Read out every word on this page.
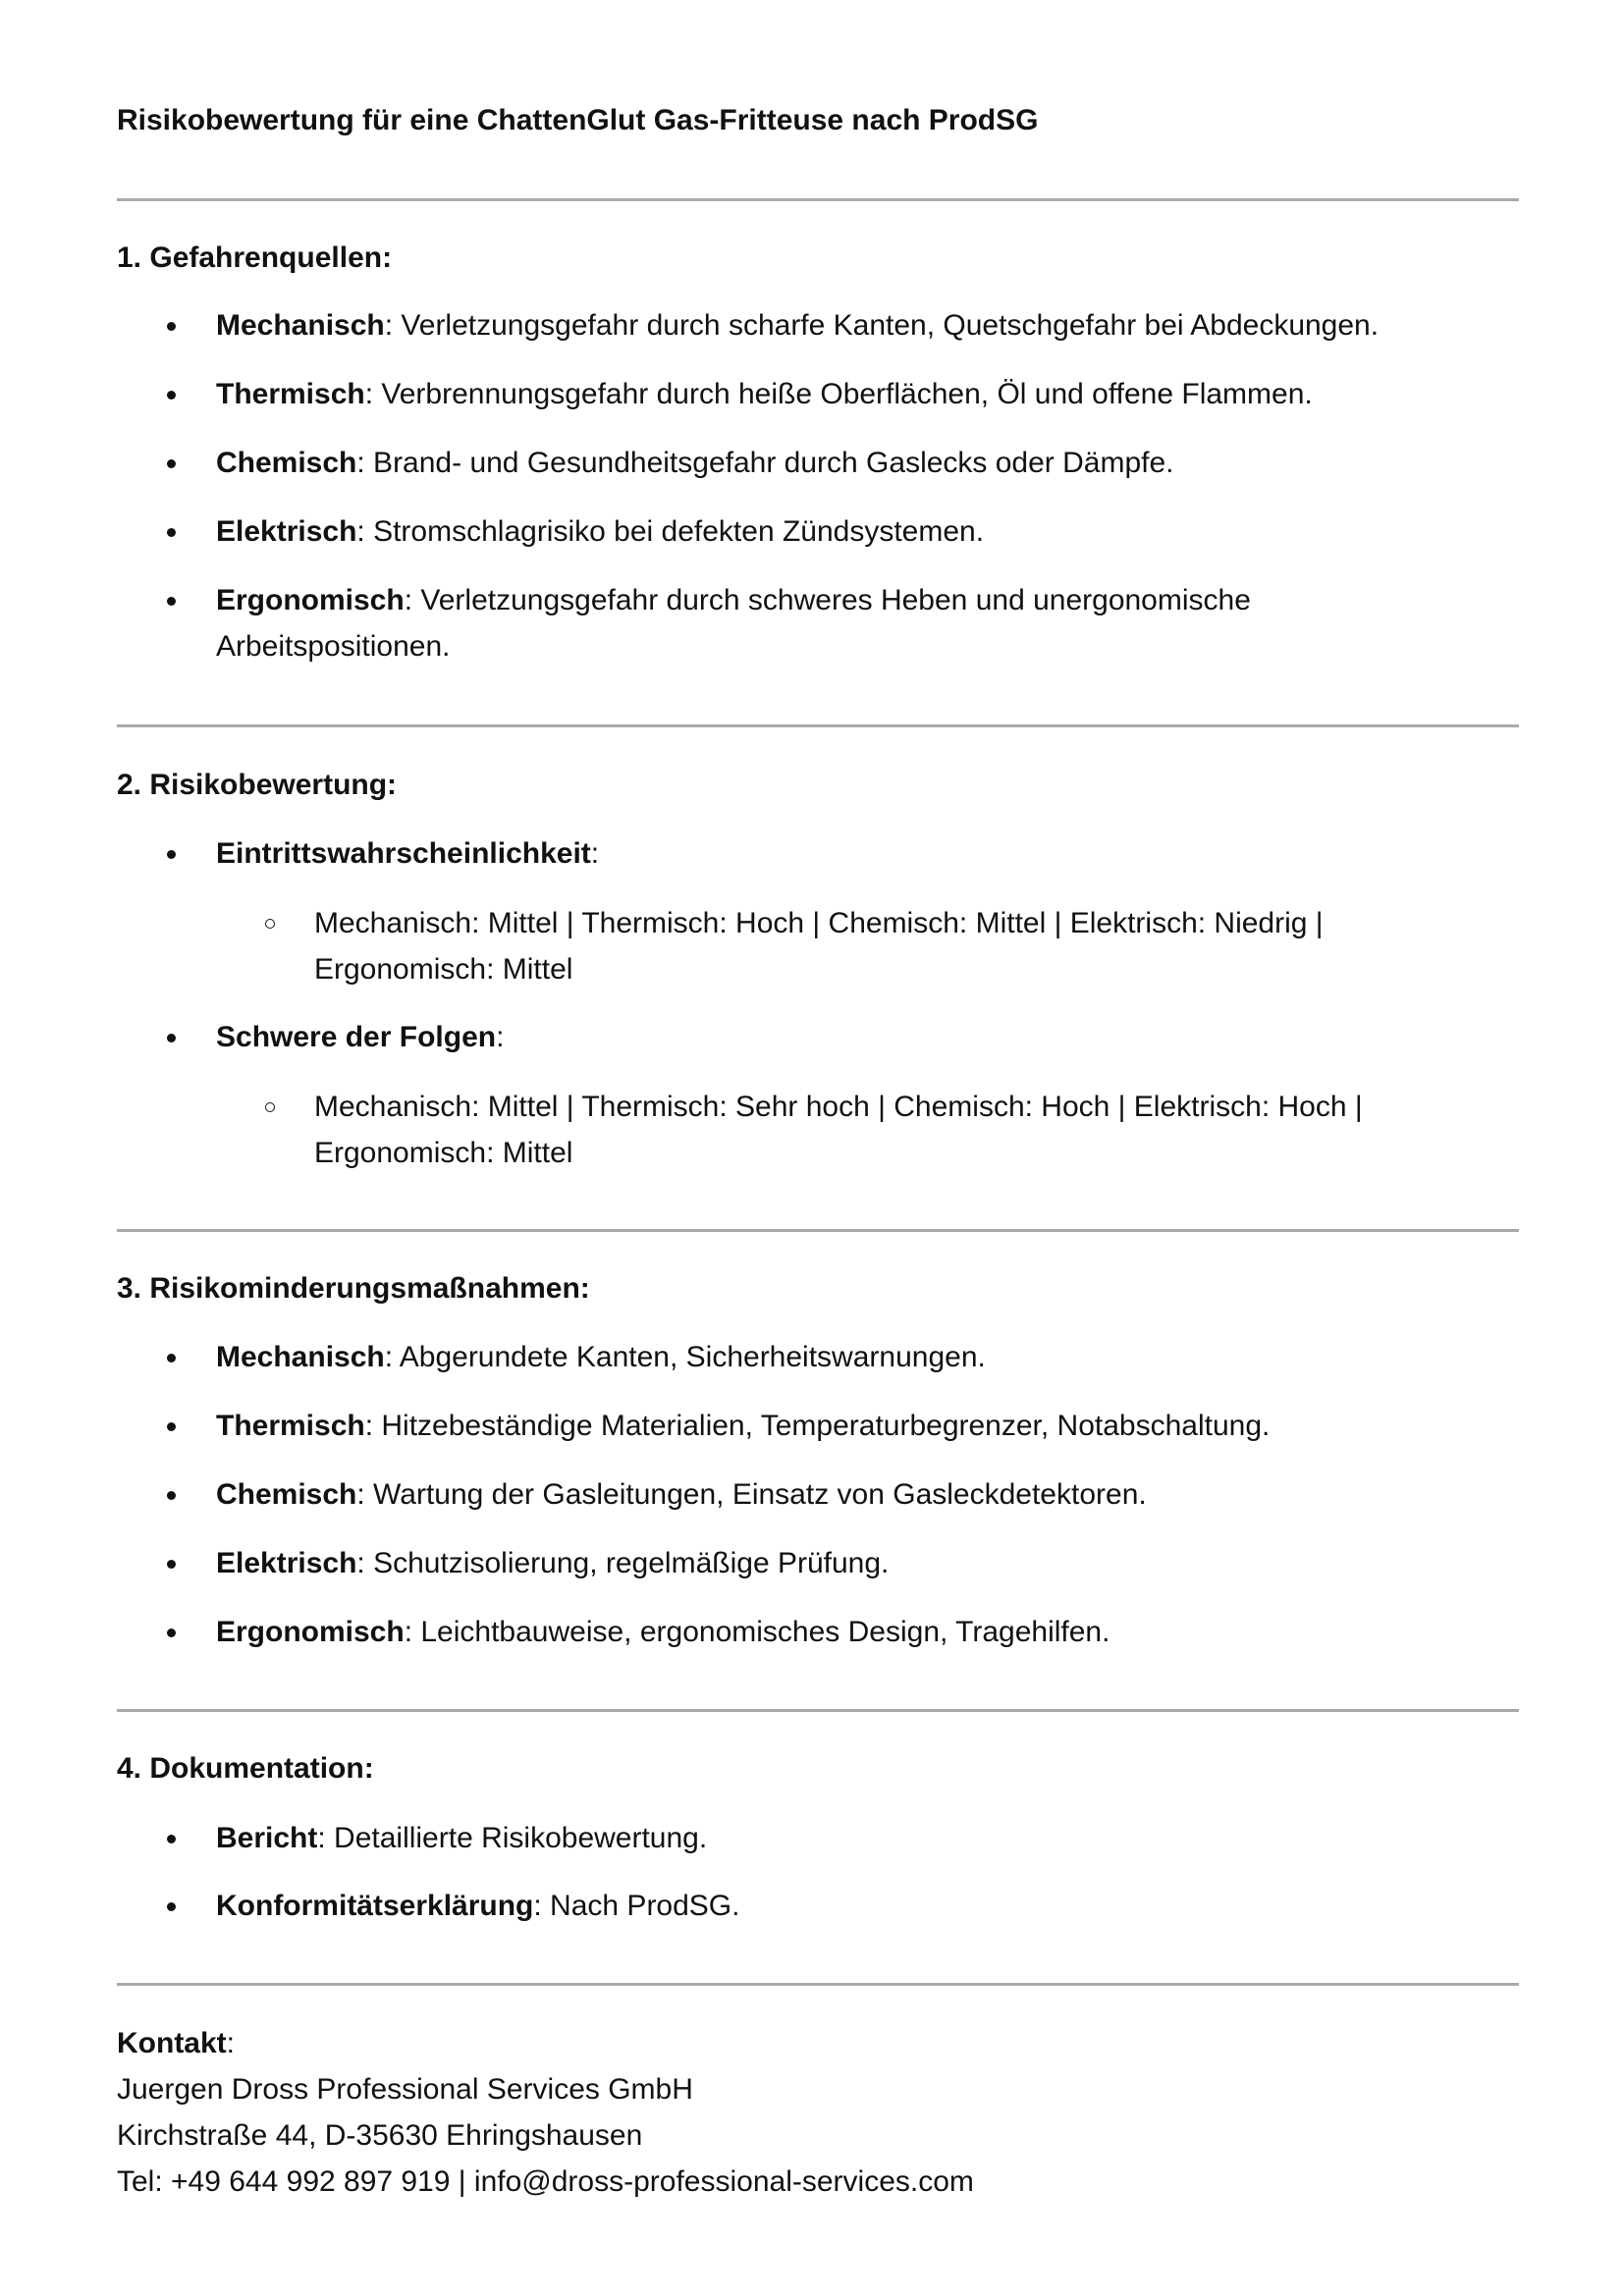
Risikobewertung für eine ChattenGlut Gas-Fritteuse nach ProdSG
1. Gefahrenquellen:
Mechanisch: Verletzungsgefahr durch scharfe Kanten, Quetschgefahr bei Abdeckungen.
Thermisch: Verbrennungsgefahr durch heiße Oberflächen, Öl und offene Flammen.
Chemisch: Brand- und Gesundheitsgefahr durch Gaslecks oder Dämpfe.
Elektrisch: Stromschlagrisiko bei defekten Zündsystemen.
Ergonomisch: Verletzungsgefahr durch schweres Heben und unergonomische Arbeitspositionen.
2. Risikobewertung:
Eintrittswahrscheinlichkeit:
Mechanisch: Mittel | Thermisch: Hoch | Chemisch: Mittel | Elektrisch: Niedrig | Ergonomisch: Mittel
Schwere der Folgen:
Mechanisch: Mittel | Thermisch: Sehr hoch | Chemisch: Hoch | Elektrisch: Hoch | Ergonomisch: Mittel
3. Risikominderungsmaßnahmen:
Mechanisch: Abgerundete Kanten, Sicherheitswarnungen.
Thermisch: Hitzebeständige Materialien, Temperaturbegrenzer, Notabschaltung.
Chemisch: Wartung der Gasleitungen, Einsatz von Gasleckdetektoren.
Elektrisch: Schutzisolierung, regelmäßige Prüfung.
Ergonomisch: Leichtbauweise, ergonomisches Design, Tragehilfen.
4. Dokumentation:
Bericht: Detaillierte Risikobewertung.
Konformitätserklärung: Nach ProdSG.
Kontakt:
Juergen Dross Professional Services GmbH
Kirchstraße 44, D-35630 Ehringshausen
Tel: +49 644 992 897 919 | info@dross-professional-services.com
